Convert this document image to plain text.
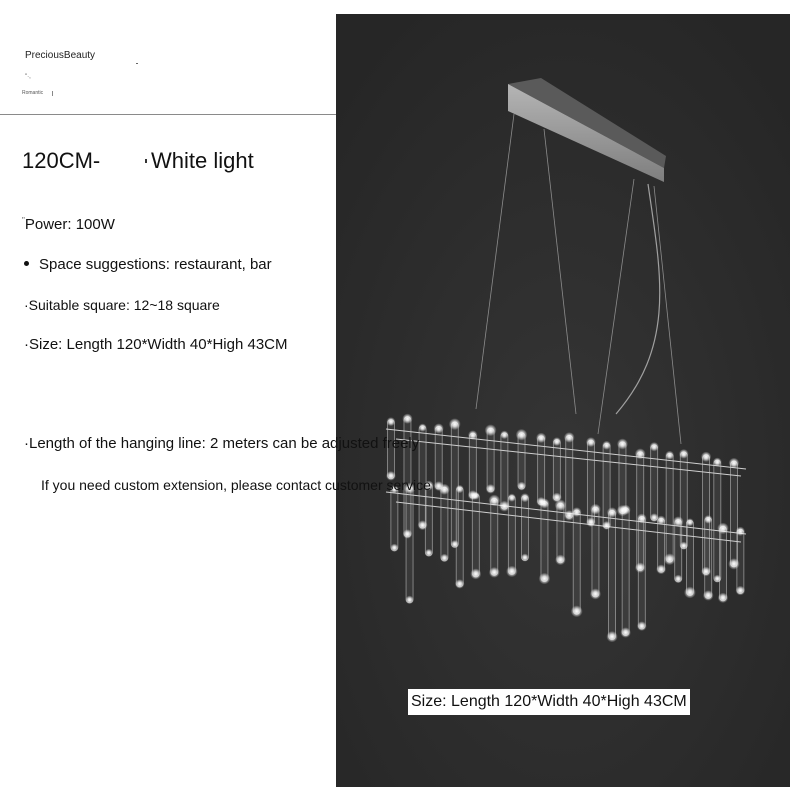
PreciousBeauty
"·,
Romantic
120CM- White light
"Power: 100W
Space suggestions: restaurant, bar
·Suitable square: 12~18 square
·Size: Length 120*Width 40*High 43CM
·Length of the hanging line: 2 meters can be adjusted freely
If you need custom extension, please contact customer service
Size: Length 120*Width 40*High 43CM
